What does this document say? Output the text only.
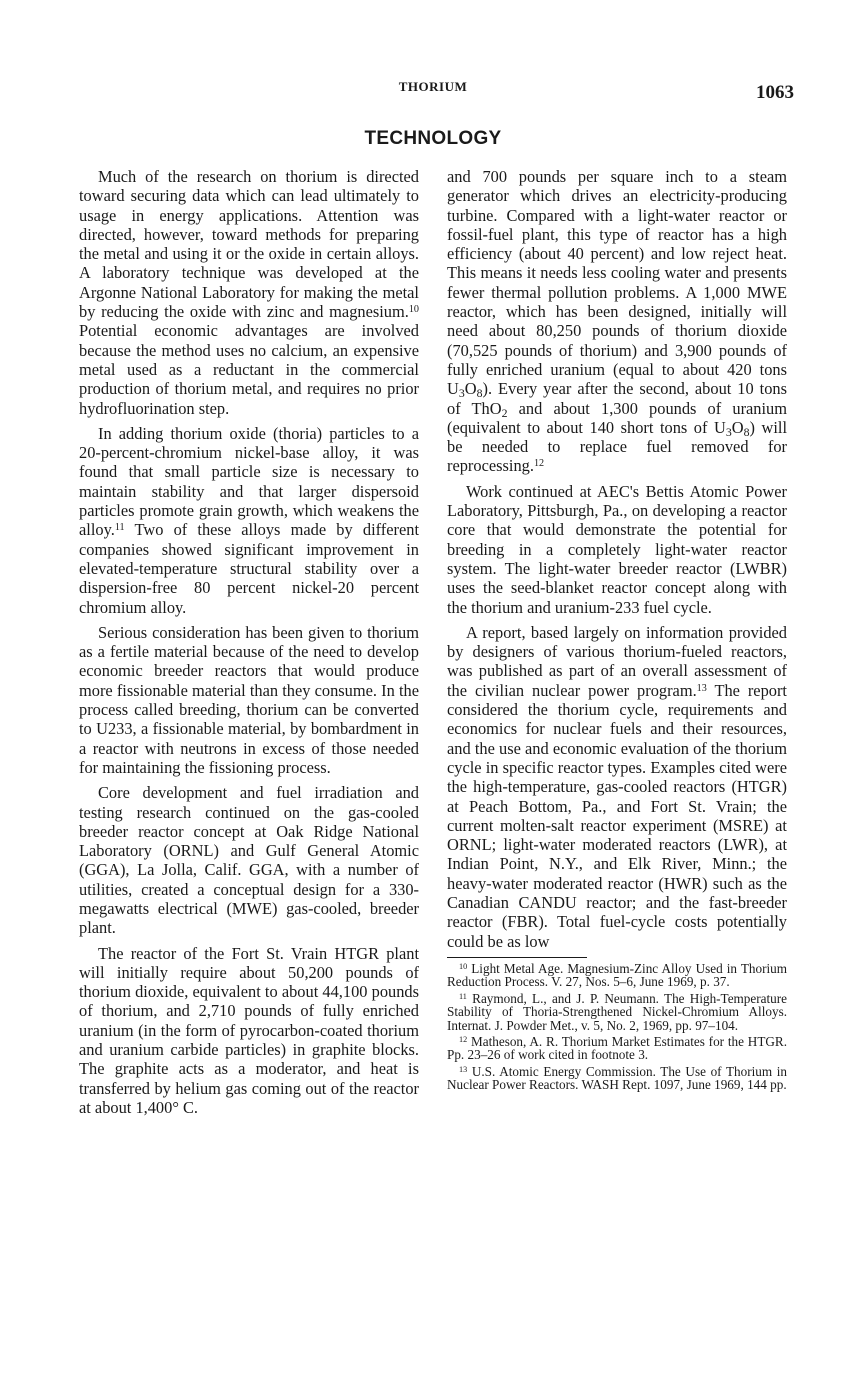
THORIUM	1063
TECHNOLOGY

Much of the research on thorium is directed toward securing data which can lead ultimately to usage in energy applications. Attention was directed, however, toward methods for preparing the metal and using it or the oxide in certain alloys. A laboratory technique was developed at the Argonne National Laboratory for making the metal by reducing the oxide with zinc and magnesium.$^{10}$ Potential economic advantages are involved because the method uses no calcium, an expensive metal used as a reductant in the commercial production of thorium metal, and requires no prior hydrofluorination step.

In adding thorium oxide (thoria) particles to a 20-percent-chromium nickel-base alloy, it was found that small particle size is necessary to maintain stability and that larger dispersoid particles promote grain growth, which weakens the alloy.$^{11}$ Two of these alloys made by different companies showed significant improvement in elevated-temperature structural stability over a dispersion-free 80 percent nickel-20 percent chromium alloy.

Serious consideration has been given to thorium as a fertile material because of the need to develop economic breeder reactors that would produce more fissionable material than they consume. In the process called breeding, thorium can be converted to U233, a fissionable material, by bombardment in a reactor with neutrons in excess of those needed for maintaining the fissioning process.

Core development and fuel irradiation and testing research continued on the gas-cooled breeder reactor concept at Oak Ridge National Laboratory (ORNL) and Gulf General Atomic (GGA), La Jolla, Calif. GGA, with a number of utilities, created a conceptual design for a 330-megawatts electrical (MWE) gas-cooled, breeder plant.

The reactor of the Fort St. Vrain HTGR plant will initially require about 50,200 pounds of thorium dioxide, equivalent to about 44,100 pounds of thorium, and 2,710 pounds of fully enriched uranium (in the form of pyrocarbon-coated thorium and uranium carbide particles) in graphite blocks. The graphite acts as a moderator, and heat is transferred by helium gas coming out of the reactor at about 1,400° C.

and 700 pounds per square inch to a steam generator which drives an electricity-producing turbine. Compared with a light-water reactor or fossil-fuel plant, this type of reactor has a high efficiency (about 40 percent) and low reject heat. This means it needs less cooling water and presents fewer thermal pollution problems. A 1,000 MWE reactor, which has been designed, initially will need about 80,250 pounds of thorium dioxide (70,525 pounds of thorium) and 3,900 pounds of fully enriched uranium (equal to about 420 tons $U_3O_8$). Every year after the second, about 10 tons of ThO$_2$ and about 1,300 pounds of uranium (equivalent to about 140 short tons of $U_3O_8$) will be needed to replace fuel removed for reprocessing.$^{12}$

Work continued at AEC's Bettis Atomic Power Laboratory, Pittsburgh, Pa., on developing a reactor core that would demonstrate the potential for breeding in a completely light-water reactor system. The light-water breeder reactor (LWBR) uses the seed-blanket reactor concept along with the thorium and uranium-233 fuel cycle.

A report, based largely on information provided by designers of various thorium-fueled reactors, was published as part of an overall assessment of the civilian nuclear power program.$^{13}$ The report considered the thorium cycle, requirements and economics for nuclear fuels and their resources, and the use and economic evaluation of the thorium cycle in specific reactor types. Examples cited were the high-temperature, gas-cooled reactors (HTGR) at Peach Bottom, Pa., and Fort St. Vrain; the current molten-salt reactor experiment (MSRE) at ORNL; light-water moderated reactors (LWR), at Indian Point, N.Y., and Elk River, Minn.; the heavy-water moderated reactor (HWR) such as the Canadian CANDU reactor; and the fast-breeder reactor (FBR). Total fuel-cycle costs potentially could be as low

$^{10}$ Light Metal Age. Magnesium-Zinc Alloy Used in Thorium Reduction Process. V. 27, Nos. 5–6, June 1969, p. 37.

$^{11}$ Raymond, L., and J. P. Neumann. The High-Temperature Stability of Thoria-Strengthened Nickel-Chromium Alloys. Internat. J. Powder Met., v. 5, No. 2, 1969, pp. 97–104.

$^{12}$ Matheson, A. R. Thorium Market Estimates for the HTGR. Pp. 23–26 of work cited in footnote 3.

$^{13}$ U.S. Atomic Energy Commission. The Use of Thorium in Nuclear Power Reactors. WASH Rept. 1097, June 1969, 144 pp.
